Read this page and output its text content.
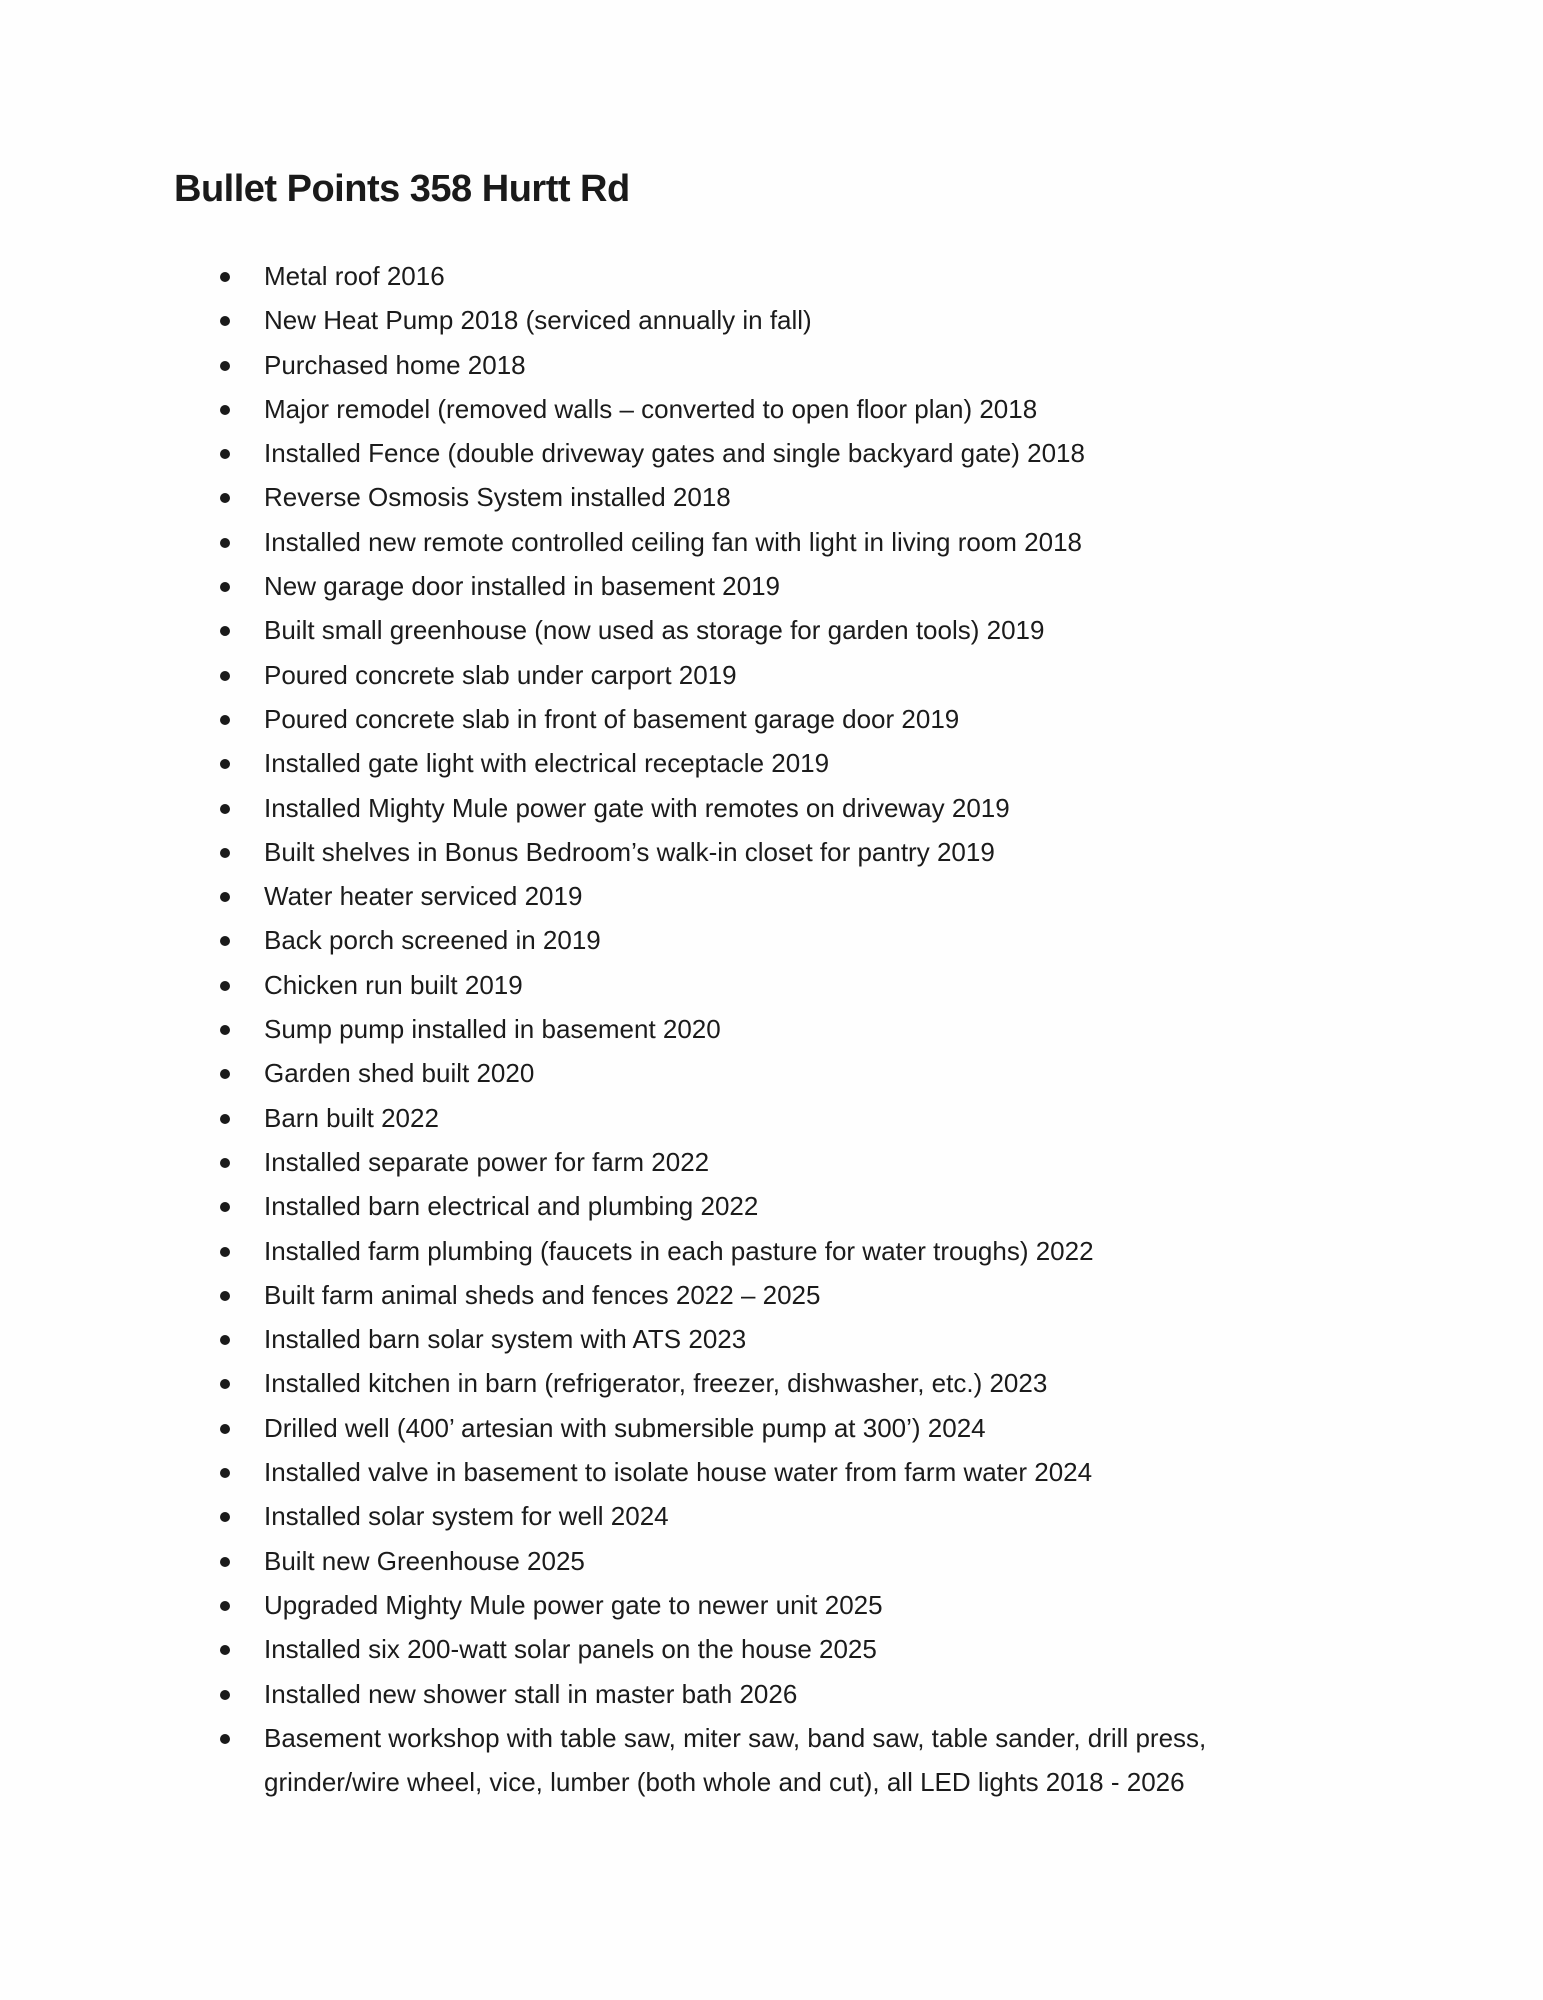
Bullet Points 358 Hurtt Rd
Metal roof 2016
New Heat Pump 2018 (serviced annually in fall)
Purchased home 2018
Major remodel (removed walls – converted to open floor plan) 2018
Installed Fence (double driveway gates and single backyard gate) 2018
Reverse Osmosis System installed 2018
Installed new remote controlled ceiling fan with light in living room 2018
New garage door installed in basement 2019
Built small greenhouse (now used as storage for garden tools) 2019
Poured concrete slab under carport 2019
Poured concrete slab in front of basement garage door 2019
Installed gate light with electrical receptacle 2019
Installed Mighty Mule power gate with remotes on driveway 2019
Built shelves in Bonus Bedroom’s walk-in closet for pantry 2019
Water heater serviced 2019
Back porch screened in 2019
Chicken run built 2019
Sump pump installed in basement 2020
Garden shed built 2020
Barn built 2022
Installed separate power for farm 2022
Installed barn electrical and plumbing 2022
Installed farm plumbing (faucets in each pasture for water troughs) 2022
Built farm animal sheds and fences 2022 – 2025
Installed barn solar system with ATS 2023
Installed kitchen in barn (refrigerator, freezer, dishwasher, etc.) 2023
Drilled well (400’ artesian with submersible pump at 300’) 2024
Installed valve in basement to isolate house water from farm water 2024
Installed solar system for well 2024
Built new Greenhouse 2025
Upgraded Mighty Mule power gate to newer unit 2025
Installed six 200-watt solar panels on the house 2025
Installed new shower stall in master bath 2026
Basement workshop with table saw, miter saw, band saw, table sander, drill press, grinder/wire wheel, vice, lumber (both whole and cut), all LED lights 2018 - 2026
